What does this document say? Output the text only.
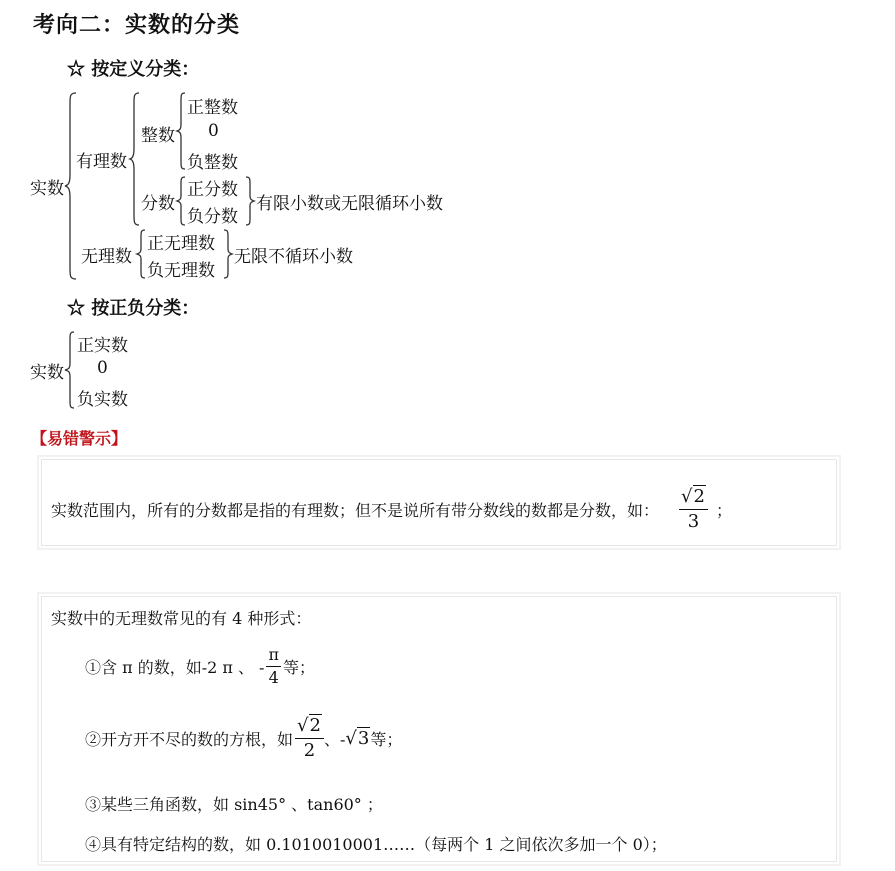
考向二：实数的分类
☆ 按定义分类：
实数
有理数
整数
正整数
0
负整数
分数
正分数
负分数
有限小数或无限循环小数
无理数
正无理数
负无理数
无限不循环小数
☆ 按正负分类：
实数
正实数
0
负实数
【易错警示】
实数范围内，所有的分数都是指的有理数；但不是说所有带分数线的数都是分数，如： $\frac{√2}{3}$ ；
实数中的无理数常见的有 4 种形式：
①含 π 的数，如-2 π 、 - $\frac{\pi}{4}$ 等；
②开方开不尽的数的方根，如 $\frac{√2}{2}$ 、- √3 等；
③某些三角函数，如 sin45° 、tan60° ；
④具有特定结构的数，如 0.1010010001……（每两个 1 之间依次多加一个 0）；
